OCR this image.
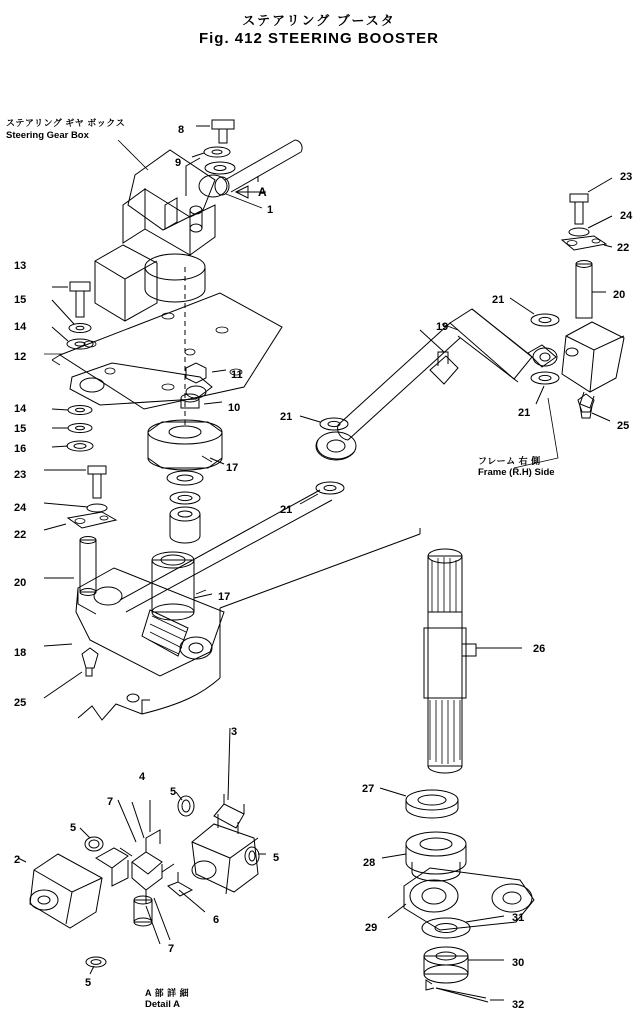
ステアリング ブースタ
Fig. 412 STEERING BOOSTER
A
ステアリング ギヤ ボックス
Steering Gear Box
フレーム 右 側
Frame (R.H) Side
A 部 詳 細
Detail A
1
2
3
4
5
5
5
5
6
7
7
8
9
10
11
12
13
14
14
15
15
16
17
17
18
19
20
20
21
21
21
21
22
22
23
23
24
24
25
25
26
27
28
29
30
31
32
